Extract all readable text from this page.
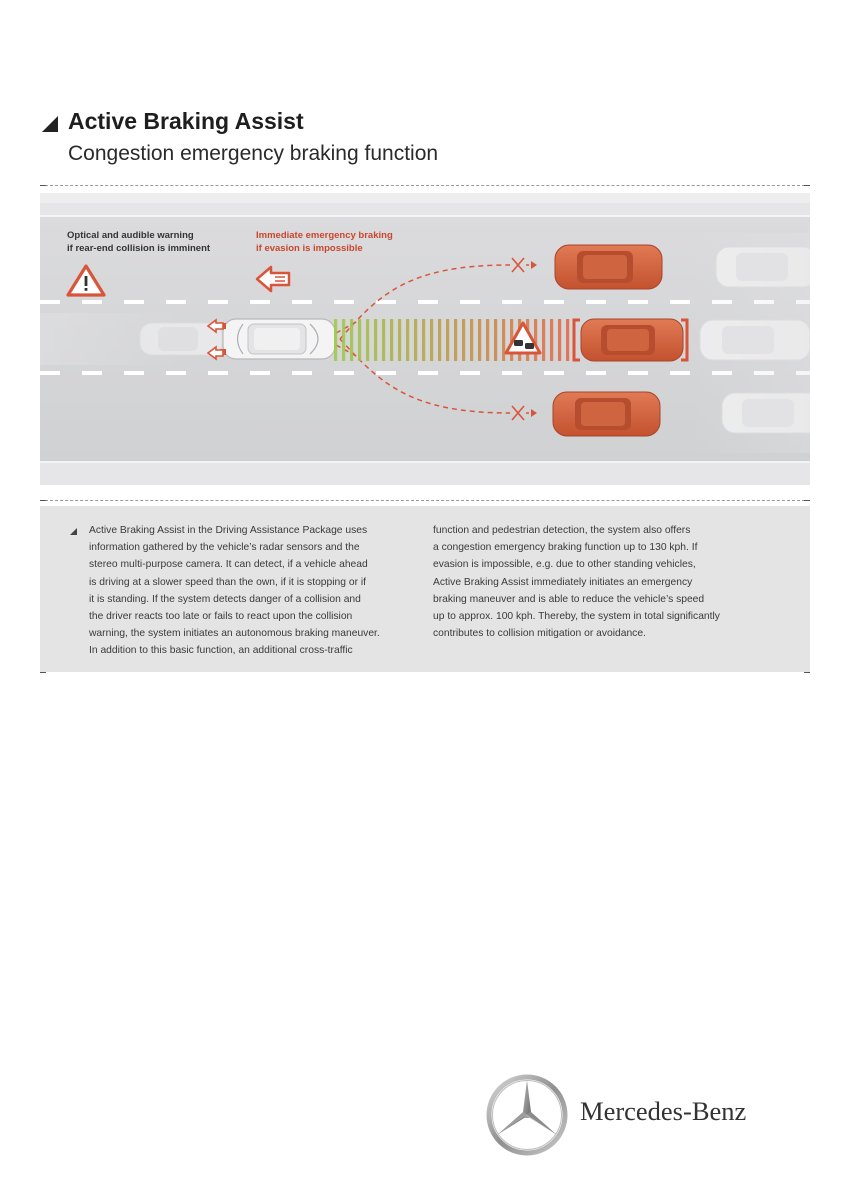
Active Braking Assist
Congestion emergency braking function
Optical and audible warning
if rear-end collision is imminent
Immediate emergency braking
if evasion is impossible
Active Braking Assist in the Driving Assistance Package uses
information gathered by the vehicle’s radar sensors and the
stereo multi-purpose camera. It can detect, if a vehicle ahead
is driving at a slower speed than the own, if it is stopping or if
it is standing. If the system detects danger of a collision and
the driver reacts too late or fails to react upon the collision
warning, the system initiates an autonomous braking maneuver.
In addition to this basic function, an additional cross-traffic
function and pedestrian detection, the system also offers
a congestion emergency braking function up to 130 kph. If
evasion is impossible, e.g. due to other standing vehicles,
Active Braking Assist immediately initiates an emergency
braking maneuver and is able to reduce the vehicle’s speed
up to approx. 100 kph. Thereby, the system in total significantly
contributes to collision mitigation or avoidance.
Mercedes-Benz
